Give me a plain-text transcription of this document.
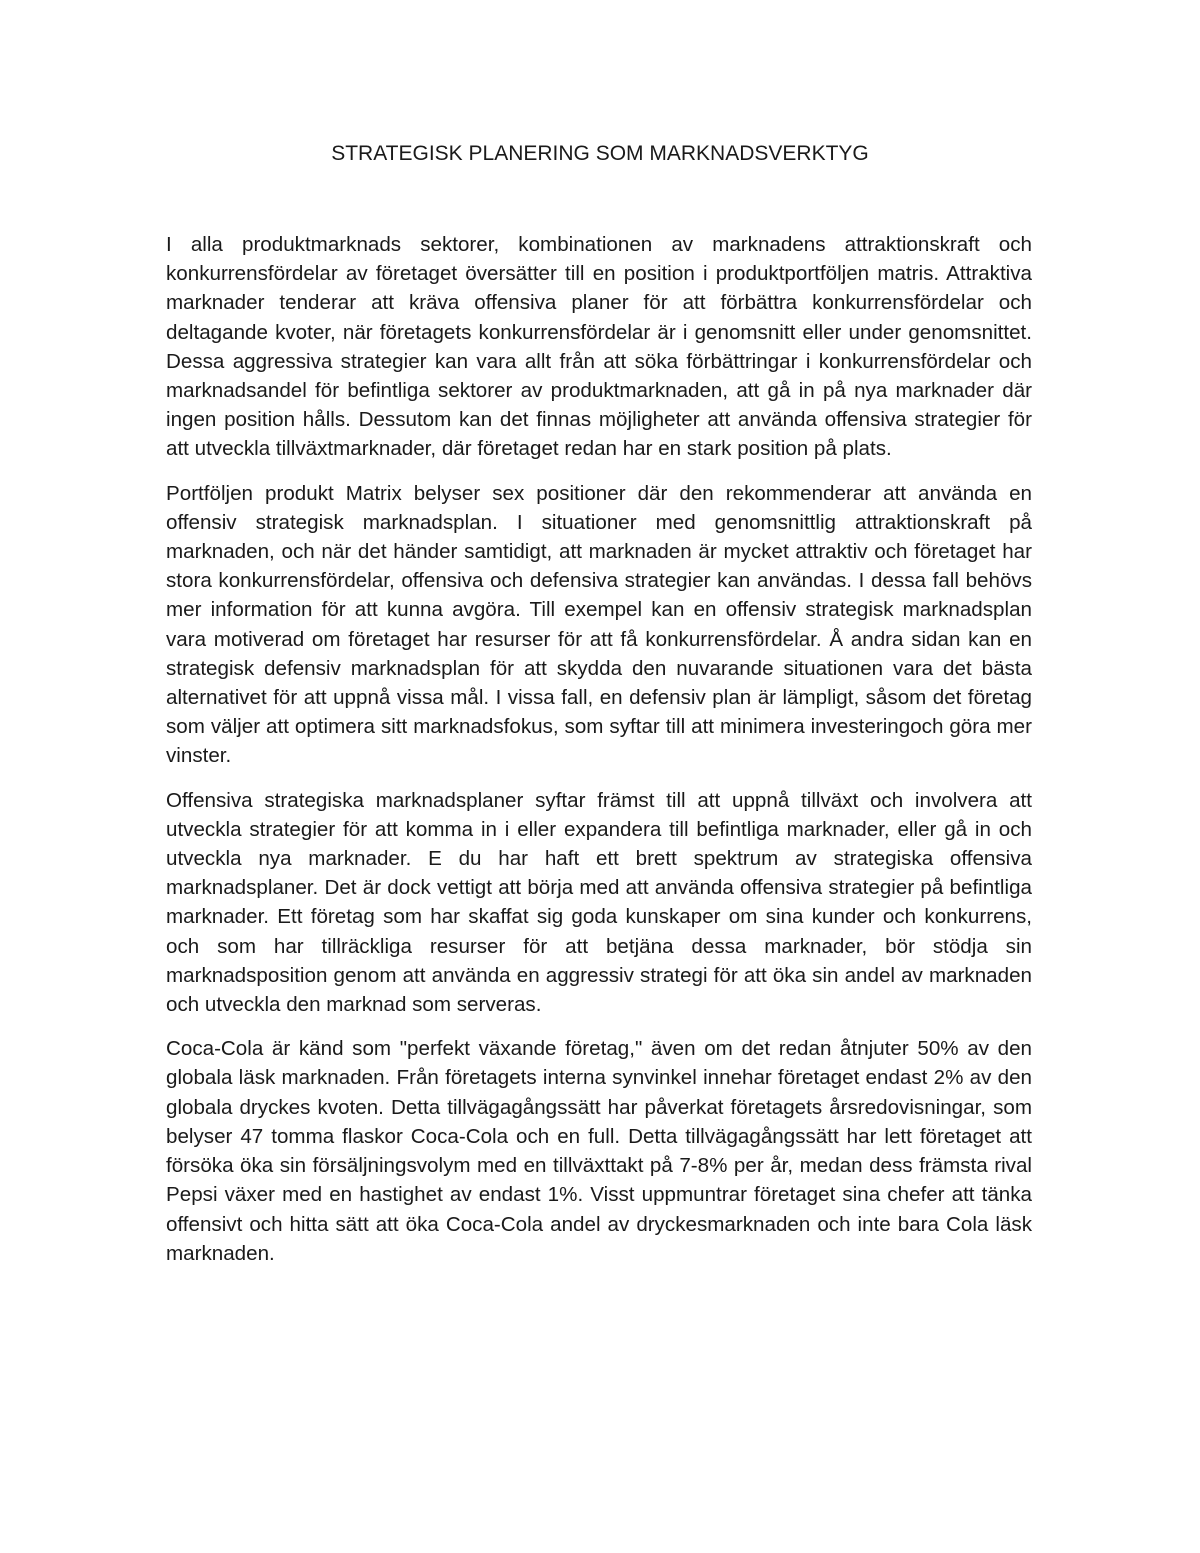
STRATEGISK PLANERING SOM MARKNADSVERKTYG

I alla produktmarknads sektorer, kombinationen av marknadens attraktionskraft och konkurrensfördelar av företaget översätter till en position i produktportföljen matris. Attraktiva marknader tenderar att kräva offensiva planer för att förbättra konkurrensfördelar och deltagande kvoter, när företagets konkurrensfördelar är i genomsnitt eller under genomsnittet. Dessa aggressiva strategier kan vara allt från att söka förbättringar i konkurrensfördelar och marknadsandel för befintliga sektorer av produktmarknaden, att gå in på nya marknader där ingen position hålls. Dessutom kan det finnas möjligheter att använda offensiva strategier för att utveckla tillväxtmarknader, där företaget redan har en stark position på plats.

Portföljen produkt Matrix belyser sex positioner där den rekommenderar att använda en offensiv strategisk marknadsplan. I situationer med genomsnittlig attraktionskraft på marknaden, och när det händer samtidigt, att marknaden är mycket attraktiv och företaget har stora konkurrensfördelar, offensiva och defensiva strategier kan användas. I dessa fall behövs mer information för att kunna avgöra. Till exempel kan en offensiv strategisk marknadsplan vara motiverad om företaget har resurser för att få konkurrensfördelar. Å andra sidan kan en strategisk defensiv marknadsplan för att skydda den nuvarande situationen vara det bästa alternativet för att uppnå vissa mål. I vissa fall, en defensiv plan är lämpligt, såsom det företag som väljer att optimera sitt marknadsfokus, som syftar till att minimera investeringoch göra mer vinster.

Offensiva strategiska marknadsplaner syftar främst till att uppnå tillväxt och involvera att utveckla strategier för att komma in i eller expandera till befintliga marknader, eller gå in och utveckla nya marknader. E du har haft ett brett spektrum av strategiska offensiva marknadsplaner. Det är dock vettigt att börja med att använda offensiva strategier på befintliga marknader. Ett företag som har skaffat sig goda kunskaper om sina kunder och konkurrens, och som har tillräckliga resurser för att betjäna dessa marknader, bör stödja sin marknadsposition genom att använda en aggressiv strategi för att öka sin andel av marknaden och utveckla den marknad som serveras.

Coca-Cola är känd som "perfekt växande företag," även om det redan åtnjuter 50% av den globala läsk marknaden. Från företagets interna synvinkel innehar företaget endast 2% av den globala dryckes kvoten. Detta tillvägagångssätt har påverkat företagets årsredovisningar, som belyser 47 tomma flaskor Coca-Cola och en full. Detta tillvägagångssätt har lett företaget att försöka öka sin försäljningsvolym med en tillväxttakt på 7-8% per år, medan dess främsta rival Pepsi växer med en hastighet av endast 1%. Visst uppmuntrar företaget sina chefer att tänka offensivt och hitta sätt att öka Coca-Cola andel av dryckesmarknaden och inte bara Cola läsk marknaden.
